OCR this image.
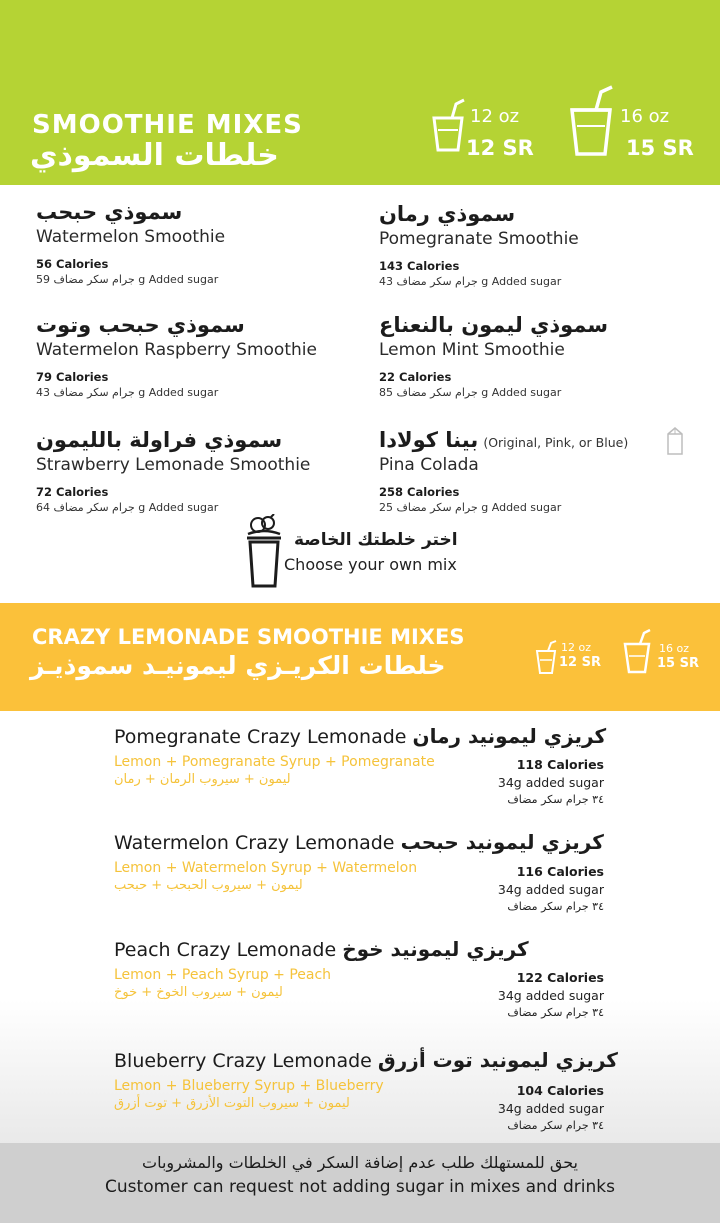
SMOOTHIE MIXES
خلطات السموذي
12 oz
12 SR
16 oz
15 SR
سموذي حبحب
Watermelon Smoothie
56 Calories
جرام سكر مضاف 59	g Added sugar
سموذي رمان
Pomegranate Smoothie
143 Calories
جرام سكر مضاف 43	g Added sugar
سموذي حبحب وتوت
Watermelon Raspberry Smoothie
79 Calories
جرام سكر مضاف 43	g Added sugar
سموذي ليمون بالنعناع
Lemon Mint Smoothie
22 Calories
جرام سكر مضاف 85	g Added sugar
سموذي فراولة بالليمون
Strawberry Lemonade Smoothie
72 Calories
جرام سكر مضاف 64	g Added sugar
بينا كولادا (Original, Pink, or Blue)
Pina Colada
258 Calories
جرام سكر مضاف 25	g Added sugar
اختر خلطتك الخاصة
Choose your own mix
CRAZY LEMONADE SMOOTHIE MIXES
خلطات الكريـزي ليمونيـد سموذيـز
12 oz
12 SR
16 oz
15 SR
Pomegranate Crazy Lemonade كريزي ليمونيد رمان
Lemon + Pomegranate Syrup + Pomegranate
ليمون + سيروب الرمان + رمان
118 Calories
34g added sugar
٣٤ جرام سكر مضاف
Watermelon Crazy Lemonade كريزي ليمونيد حبحب
Lemon + Watermelon Syrup + Watermelon
ليمون + سيروب الحبحب + حبحب
116 Calories
34g added sugar
٣٤ جرام سكر مضاف
Peach Crazy Lemonade كريزي ليمونيد خوخ
Lemon + Peach Syrup + Peach
ليمون + سيروب الخوخ + خوخ
122 Calories
34g added sugar
٣٤ جرام سكر مضاف
Blueberry Crazy Lemonade كريزي ليمونيد توت أزرق
Lemon + Blueberry Syrup + Blueberry
ليمون + سيروب التوت الأزرق + توت أزرق
104 Calories
34g added sugar
٣٤ جرام سكر مضاف
يحق للمستهلك طلب عدم إضافة السكر في الخلطات والمشروبات
Customer can request not adding sugar in mixes and drinks
